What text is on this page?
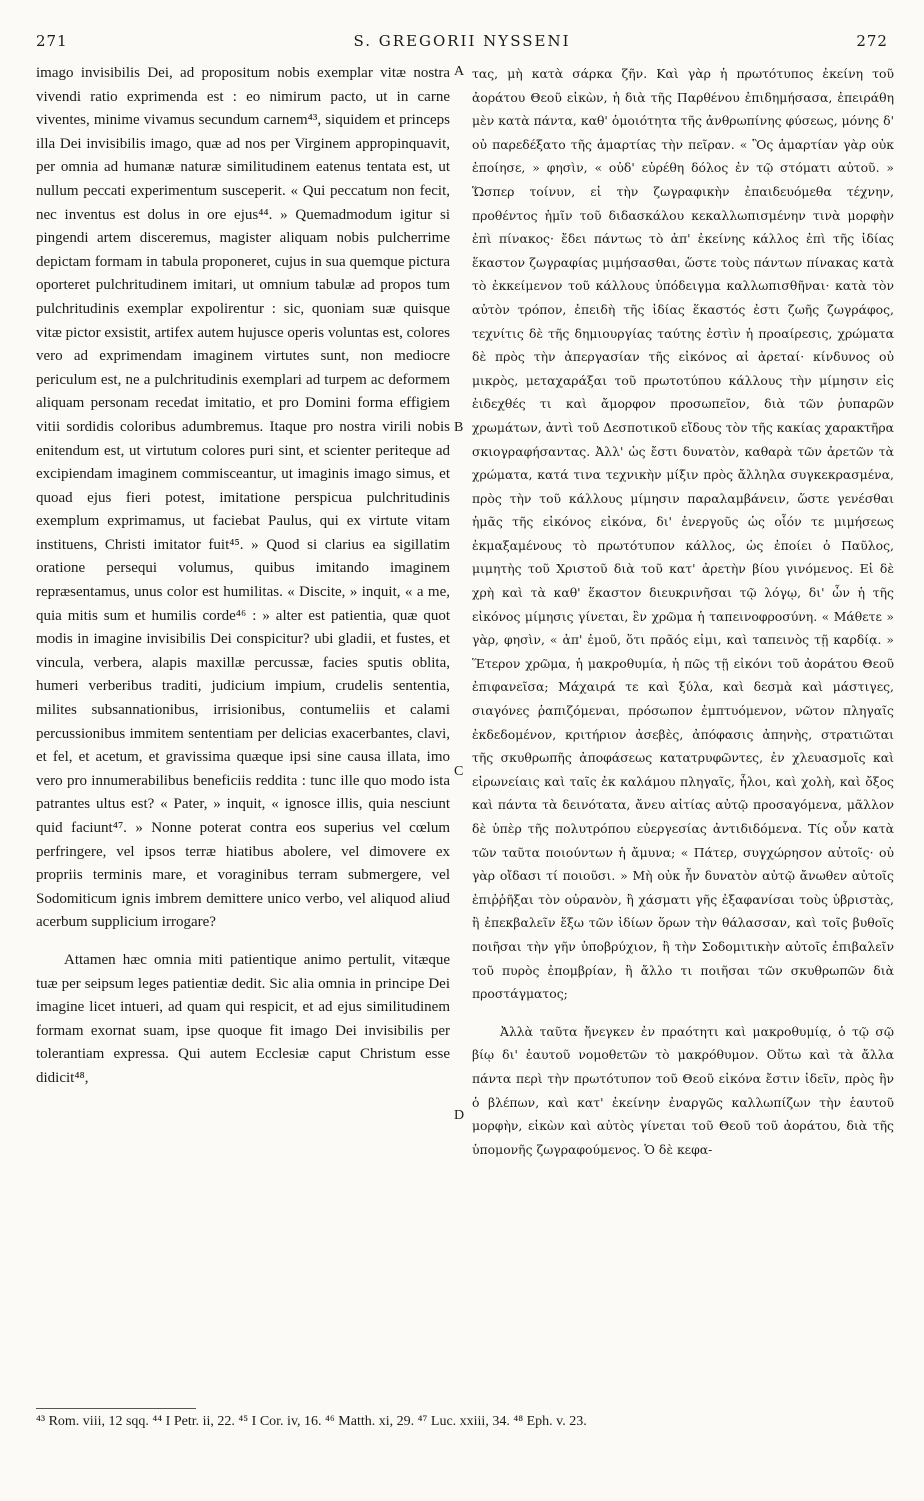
271	S. GREGORII NYSSENI	272

imago invisibilis Dei, ad propositum nobis exemplar vitæ nostra vivendi ratio exprimenda est : eo nimirum pacto, ut in carne viventes, minime vivamus secundum carnem⁴³, siquidem et princeps illa Dei invisibilis imago, quæ ad nos per Virginem appropinquavit, per omnia ad humanæ naturæ similitudinem eatenus tentata est, ut nullum peccati experimentum susceperit. « Qui peccatum non fecit, nec inventus est dolus in ore ejus⁴⁴. » Quemadmodum igitur si pingendi artem disceremus, magister aliquam nobis pulcherrime depictam formam in tabula proponeret, cujus in sua quemque pictura oporteret pulchritudinem imitari, ut omnium tabulæ ad propos tum pulchritudinis exemplar expolirentur : sic, quoniam suæ quisque vitæ pictor exsistit, artifex autem hujusce operis voluntas est, colores vero ad exprimendam imaginem virtutes sunt, non mediocre periculum est, ne a pulchritudinis exemplari ad turpem ac deformem aliquam personam recedat imitatio, et pro Domini forma effigiem vitii sordidis coloribus adumbremus. Itaque pro nostra virili nobis enitendum est, ut virtutum colores puri sint, et scienter periteque ad excipiendam imaginem commisceantur, ut imaginis imago simus, et quoad ejus fieri potest, imitatione perspicua pulchritudinis exemplum exprimamus, ut faciebat Paulus, qui ex virtute vitam instituens, Christi imitator fuit⁴⁵. » Quod si clarius ea sigillatim oratione persequi volumus, quibus imitando imaginem repræsentamus, unus color est humilitas. « Discite, » inquit, « a me, quia mitis sum et humilis corde⁴⁶ : » alter est patientia, quæ quot modis in imagine invisibilis Dei conspicitur? ubi gladii, et fustes, et vincula, verbera, alapis maxillæ percussæ, facies sputis oblita, humeri verberibus traditi, judicium impium, crudelis sententia, milites subsannationibus, irrisionibus, contumeliis et calami percussionibus immitem sententiam per delicias exacerbantes, clavi, et fel, et acetum, et gravissima quæque ipsi sine causa illata, imo vero pro innumerabilibus beneficiis reddita : tunc ille quo modo ista patrantes ultus est? « Pater, » inquit, « ignosce illis, quia nesciunt quid faciunt⁴⁷. » Nonne poterat contra eos superius vel cœlum perfringere, vel ipsos terræ hiatibus abolere, vel dimovere ex propriis terminis mare, et voraginibus terram submergere, vel Sodomiticum ignis imbrem demittere unico verbo, vel aliquod aliud acerbum supplicium irrogare?

Attamen hæc omnia miti patientique animo pertulit, vitæque tuæ per seipsum leges patientiæ dedit. Sic alia omnia in principe Dei imagine licet intueri, ad quam qui respicit, et ad ejus similitudinem formam exornat suam, ipse quoque fit imago Dei invisibilis per tolerantiam expressa. Qui autem Ecclesiæ caput Christum esse didicit⁴⁸,

A
B
C
D

τας, μὴ κατὰ σάρκα ζῆν. Καὶ γὰρ ἡ πρωτότυπος ἐκείνη τοῦ ἀοράτου Θεοῦ εἰκὼν, ἡ διὰ τῆς Παρθένου ἐπιδημήσασα, ἐπειράθη μὲν κατὰ πάντα, καθ' ὁμοιότητα τῆς ἀνθρωπίνης φύσεως, μόνης δ' οὐ παρεδέξατο τῆς ἁμαρτίας τὴν πεῖραν. « Ὃς ἁμαρτίαν γὰρ οὐκ ἐποίησε, » φησὶν, « οὐδ' εὑρέθη δόλος ἐν τῷ στόματι αὐτοῦ. » Ὥσπερ τοίνυν, εἰ τὴν ζωγραφικὴν ἐπαιδευόμεθα τέχνην, προθέντος ἡμῖν τοῦ διδασκάλου κεκαλλωπισμένην τινὰ μορφὴν ἐπὶ πίνακος· ἔδει πάντως τὸ ἀπ' ἐκείνης κάλλος ἐπὶ τῆς ἰδίας ἕκαστον ζωγραφίας μιμήσασθαι, ὥστε τοὺς πάντων πίνακας κατὰ τὸ ἐκκείμενον τοῦ κάλλους ὑπόδειγμα καλλωπισθῆναι· κατὰ τὸν αὐτὸν τρόπον, ἐπειδὴ τῆς ἰδίας ἕκαστός ἐστι ζωῆς ζωγράφος, τεχνίτις δὲ τῆς δημιουργίας ταύτης ἐστὶν ἡ προαίρεσις, χρώματα δὲ πρὸς τὴν ἀπεργασίαν τῆς εἰκόνος αἱ ἀρεταί· κίνδυνος οὐ μικρὸς, μεταχαράξαι τοῦ πρωτοτύπου κάλλους τὴν μίμησιν εἰς ἐιδεχθές τι καὶ ἄμορφον προσωπεῖον, διὰ τῶν ῥυπαρῶν χρωμάτων, ἀντὶ τοῦ Δεσποτικοῦ εἴδους τὸν τῆς κακίας χαρακτῆρα σκιογραφήσαντας. Ἀλλ' ὡς ἔστι δυνατὸν, καθαρὰ τῶν ἀρετῶν τὰ χρώματα, κατά τινα τεχνικὴν μίξιν πρὸς ἄλληλα συγκεκρασμένα, πρὸς τὴν τοῦ κάλλους μίμησιν παραλαμβάνειν, ὥστε γενέσθαι ἡμᾶς τῆς εἰκόνος εἰκόνα, δι' ἐνεργοῦς ὡς οἷόν τε μιμήσεως ἐκμαξαμένους τὸ πρωτότυπον κάλλος, ὡς ἐποίει ὁ Παῦλος, μιμητὴς τοῦ Χριστοῦ διὰ τοῦ κατ' ἀρετὴν βίου γινόμενος. Εἰ δὲ χρὴ καὶ τὰ καθ' ἕκαστον διευκρινῆσαι τῷ λόγῳ, δι' ὧν ἡ τῆς εἰκόνος μίμησις γίνεται, ἓν χρῶμα ἡ ταπεινοφροσύνη. « Μάθετε » γὰρ, φησὶν, « ἀπ' ἐμοῦ, ὅτι πρᾶός εἰμι, καὶ ταπεινὸς τῇ καρδίᾳ. » Ἕτερον χρῶμα, ἡ μακροθυμία, ἡ πῶς τῇ εἰκόνι τοῦ ἀοράτου Θεοῦ ἐπιφανεῖσα; Μάχαιρά τε καὶ ξύλα, καὶ δεσμὰ καὶ μάστιγες, σιαγόνες ῥαπιζόμεναι, πρόσωπον ἐμπτυόμενον, νῶτον πληγαῖς ἐκδεδομένον, κριτήριον ἀσεβὲς, ἀπόφασις ἀπηνὴς, στρατιῶται τῆς σκυθρωπῆς ἀποφάσεως κατατρυφῶντες, ἐν χλευασμοῖς καὶ εἰρωνείαις καὶ ταῖς ἐκ καλάμου πληγαῖς, ἧλοι, καὶ χολὴ, καὶ ὄξος καὶ πάντα τὰ δεινότατα, ἄνευ αἰτίας αὐτῷ προσαγόμενα, μᾶλλον δὲ ὑπὲρ τῆς πολυτρόπου εὐεργεσίας ἀντιδιδόμενα. Τίς οὖν κατὰ τῶν ταῦτα ποιούντων ἡ ἄμυνα; « Πάτερ, συγχώρησον αὐτοῖς· οὐ γὰρ οἴδασι τί ποιοῦσι. » Μὴ οὐκ ἦν δυνατὸν αὐτῷ ἄνωθεν αὐτοῖς ἐπιῤῥῆξαι τὸν οὐρανὸν, ἢ χάσματι γῆς ἐξαφανίσαι τοὺς ὑβριστὰς, ἢ ἐπεκβαλεῖν ἔξω τῶν ἰδίων ὅρων τὴν θάλασσαν, καὶ τοῖς βυθοῖς ποιῆσαι τὴν γῆν ὑποβρύχιον, ἢ τὴν Σοδομιτικὴν αὐτοῖς ἐπιβαλεῖν τοῦ πυρὸς ἐπομβρίαν, ἢ ἄλλο τι ποιῆσαι τῶν σκυθρωπῶν διὰ προστάγματος;

Ἀλλὰ ταῦτα ἤνεγκεν ἐν πραότητι καὶ μακροθυμίᾳ, ὁ τῷ σῷ βίῳ δι' ἑαυτοῦ νομοθετῶν τὸ μακρόθυμον. Οὕτω καὶ τὰ ἄλλα πάντα περὶ τὴν πρωτότυπον τοῦ Θεοῦ εἰκόνα ἔστιν ἰδεῖν, πρὸς ἣν ὁ βλέπων, καὶ κατ' ἐκείνην ἐναργῶς καλλωπίζων τὴν ἑαυτοῦ μορφὴν, εἰκὼν καὶ αὐτὸς γίνεται τοῦ Θεοῦ τοῦ ἀοράτου, διὰ τῆς ὑπομονῆς ζωγραφούμενος. Ὁ δὲ κεφα-

⁴³ Rom. viii, 12 sqq. ⁴⁴ I Petr. ii, 22. ⁴⁵ I Cor. iv, 16. ⁴⁶ Matth. xi, 29. ⁴⁷ Luc. xxiii, 34. ⁴⁸ Eph. v. 23.
